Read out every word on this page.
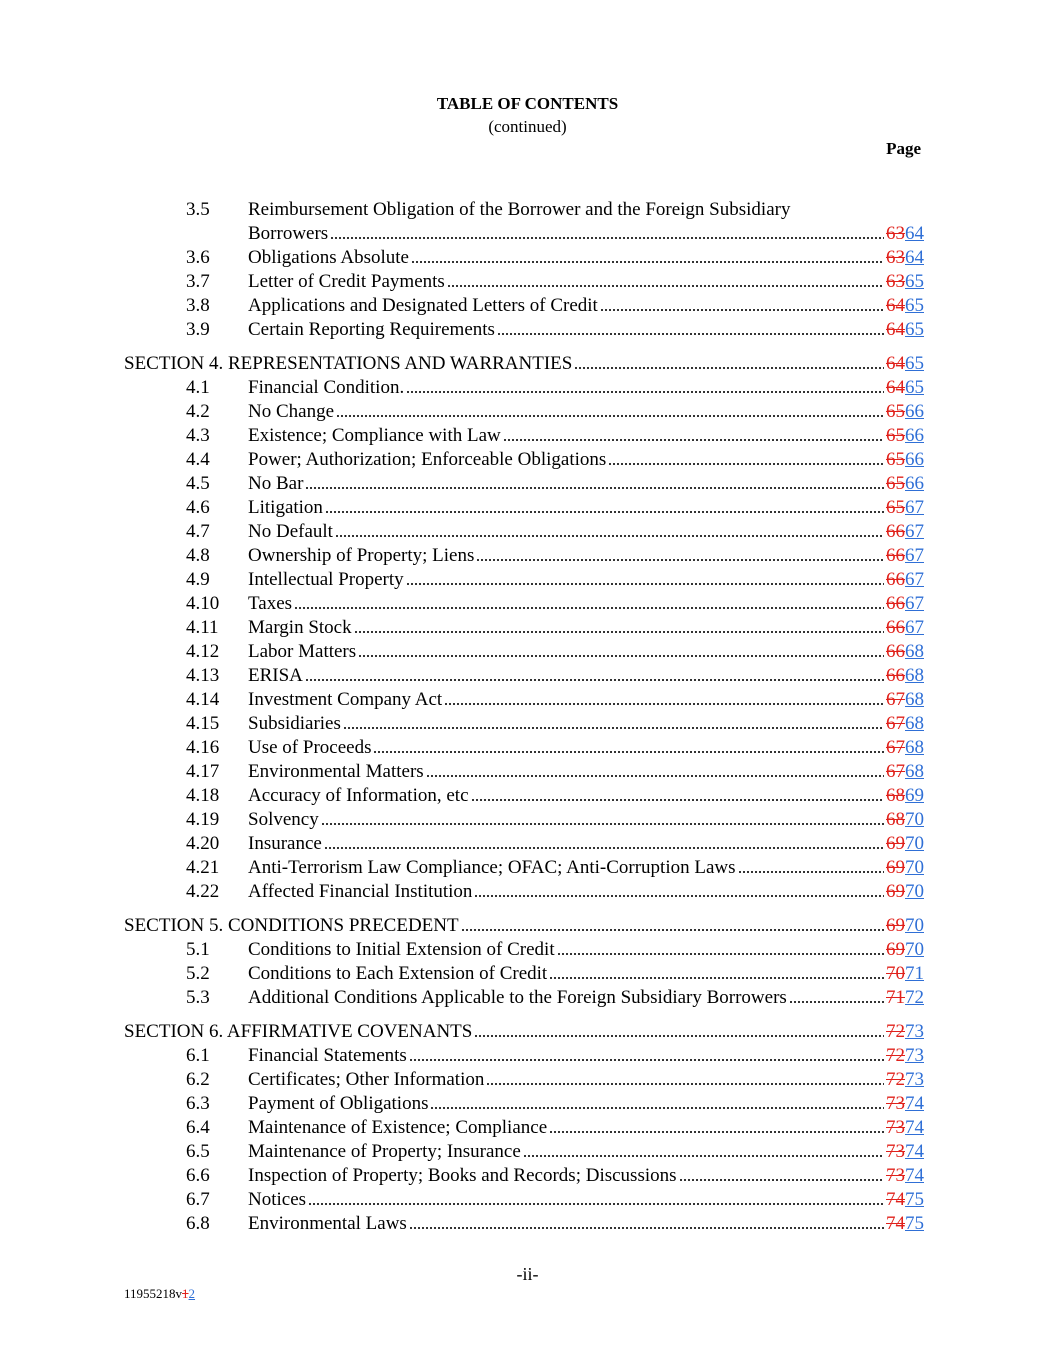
TABLE OF CONTENTS
(continued)
Page
3.5 Reimbursement Obligation of the Borrower and the Foreign Subsidiary
Borrowers	6364
3.6 Obligations Absolute	6364
3.7 Letter of Credit Payments	6365
3.8 Applications and Designated Letters of Credit	6465
3.9 Certain Reporting Requirements	6465
SECTION 4. REPRESENTATIONS AND WARRANTIES	6465
4.1 Financial Condition.	6465
4.2 No Change	6566
4.3 Existence; Compliance with Law	6566
4.4 Power; Authorization; Enforceable Obligations	6566
4.5 No Bar	6566
4.6 Litigation	6567
4.7 No Default	6667
4.8 Ownership of Property; Liens	6667
4.9 Intellectual Property	6667
4.10 Taxes	6667
4.11 Margin Stock	6667
4.12 Labor Matters	6668
4.13 ERISA	6668
4.14 Investment Company Act	6768
4.15 Subsidiaries	6768
4.16 Use of Proceeds	6768
4.17 Environmental Matters	6768
4.18 Accuracy of Information, etc	6869
4.19 Solvency	6870
4.20 Insurance	6970
4.21 Anti-Terrorism Law Compliance; OFAC; Anti-Corruption Laws	6970
4.22 Affected Financial Institution	6970
SECTION 5. CONDITIONS PRECEDENT	6970
5.1 Conditions to Initial Extension of Credit	6970
5.2 Conditions to Each Extension of Credit	7071
5.3 Additional Conditions Applicable to the Foreign Subsidiary Borrowers	7172
SECTION 6. AFFIRMATIVE COVENANTS	7273
6.1 Financial Statements	7273
6.2 Certificates; Other Information	7273
6.3 Payment of Obligations	7374
6.4 Maintenance of Existence; Compliance	7374
6.5 Maintenance of Property; Insurance	7374
6.6 Inspection of Property; Books and Records; Discussions	7374
6.7 Notices	7475
6.8 Environmental Laws	7475
-ii-
11955218v12
